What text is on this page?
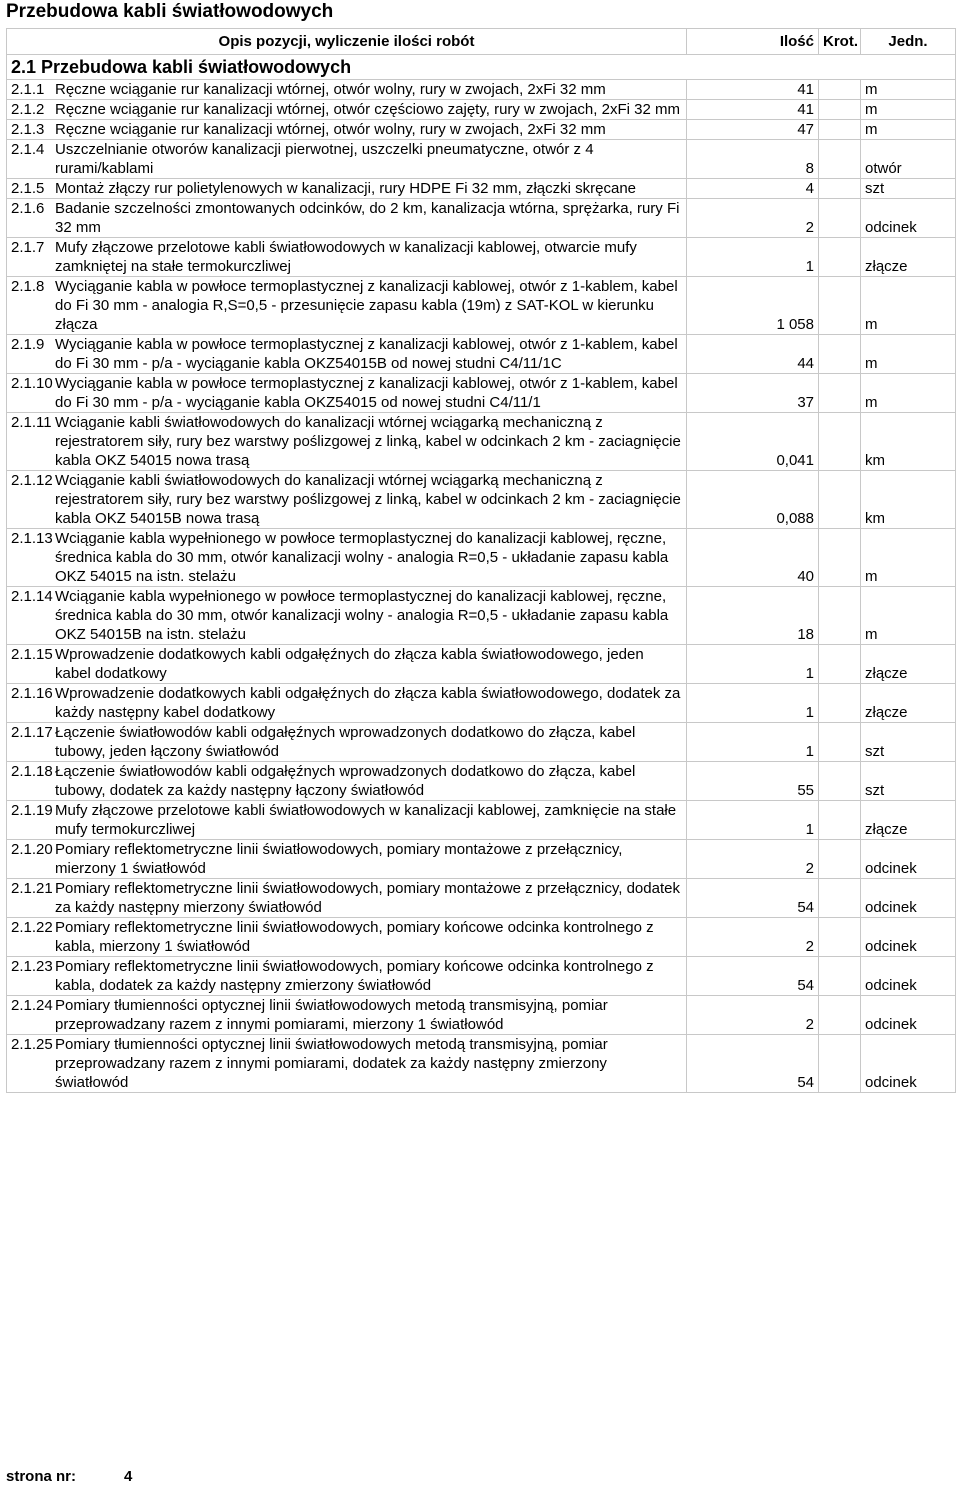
Przebudowa kabli światłowodowych
Opis pozycji, wyliczenie ilości robót	Ilość	Krot.	Jedn.
2.1 Przebudowa kabli światłowodowych			

2.1.1 Ręczne wciąganie rur kanalizacji wtórnej, otwór wolny, rury w zwojach, 2xFi 32 mm	41			m

2.1.2 Ręczne wciąganie rur kanalizacji wtórnej, otwór częściowo zajęty, rury w zwojach, 2xFi 32 mm	41			m

2.1.3 Ręczne wciąganie rur kanalizacji wtórnej, otwór wolny, rury w zwojach, 2xFi 32 mm	47			m

2.1.4 Uszczelnianie otworów kanalizacji pierwotnej, uszczelki pneumatyczne, otwór z 4 rurami/kablami	8			otwór

2.1.5 Montaż złączy rur polietylenowych w kanalizacji, rury HDPE Fi 32 mm, złączki skręcane	4			szt

2.1.6 Badanie szczelności zmontowanych odcinków, do 2 km, kanalizacja wtórna, sprężarka, rury Fi 32 mm	2			odcinek

2.1.7 Mufy złączowe przelotowe kabli światłowodowych w kanalizacji kablowej, otwarcie mufy zamkniętej na stałe termokurczliwej	1			złącze

2.1.8 Wyciąganie kabla w powłoce termoplastycznej z kanalizacji kablowej, otwór z 1-kablem, kabel do Fi 30 mm - analogia R,S=0,5 - przesunięcie zapasu kabla (19m) z SAT-KOL w kierunku złącza	1 058			m

2.1.9 Wyciąganie kabla w powłoce termoplastycznej z kanalizacji kablowej, otwór z 1-kablem, kabel do Fi 30 mm - p/a - wyciąganie kabla OKZ54015B od nowej studni C4/11/1C	44			m

2.1.10 Wyciąganie kabla w powłoce termoplastycznej z kanalizacji kablowej, otwór z 1-kablem, kabel do Fi 30 mm - p/a - wyciąganie kabla OKZ54015 od nowej studni C4/11/1	37			m

2.1.11 Wciąganie kabli światłowodowych do kanalizacji wtórnej wciągarką mechaniczną z rejestratorem siły, rury bez warstwy poślizgowej z linką, kabel w odcinkach 2 km - zaciagnięcie kabla OKZ 54015 nowa trasą	0,041			km

2.1.12 Wciąganie kabli światłowodowych do kanalizacji wtórnej wciągarką mechaniczną z rejestratorem siły, rury bez warstwy poślizgowej z linką, kabel w odcinkach 2 km - zaciagnięcie kabla OKZ 54015B nowa trasą	0,088			km

2.1.13 Wciąganie kabla wypełnionego w powłoce termoplastycznej do kanalizacji kablowej, ręczne, średnica kabla do 30 mm, otwór kanalizacji wolny - analogia R=0,5 - układanie zapasu kabla OKZ 54015 na istn. stelażu	40			m

2.1.14 Wciąganie kabla wypełnionego w powłoce termoplastycznej do kanalizacji kablowej, ręczne, średnica kabla do 30 mm, otwór kanalizacji wolny - analogia R=0,5 - układanie zapasu kabla OKZ 54015B na istn. stelażu	18			m

2.1.15 Wprowadzenie dodatkowych kabli odgałęźnych do złącza kabla światłowodowego, jeden kabel dodatkowy	1			złącze

2.1.16 Wprowadzenie dodatkowych kabli odgałęźnych do złącza kabla światłowodowego, dodatek za każdy następny kabel dodatkowy	1			złącze

2.1.17 Łączenie światłowodów kabli odgałęźnych wprowadzonych dodatkowo do złącza, kabel tubowy, jeden łączony światłowód	1			szt

2.1.18 Łączenie światłowodów kabli odgałęźnych wprowadzonych dodatkowo do złącza, kabel tubowy, dodatek za każdy następny łączony światłowód	55			szt

2.1.19 Mufy złączowe przelotowe kabli światłowodowych w kanalizacji kablowej, zamknięcie na stałe mufy termokurczliwej	1			złącze

2.1.20 Pomiary reflektometryczne linii światłowodowych, pomiary montażowe z przełącznicy, mierzony 1 światłowód	2			odcinek

2.1.21 Pomiary reflektometryczne linii światłowodowych, pomiary montażowe z przełącznicy, dodatek za każdy następny mierzony światłowód	54			odcinek

2.1.22 Pomiary reflektometryczne linii światłowodowych, pomiary końcowe odcinka kontrolnego z kabla, mierzony 1 światłowód	2			odcinek

2.1.23 Pomiary reflektometryczne linii światłowodowych, pomiary końcowe odcinka kontrolnego z kabla, dodatek za każdy następny zmierzony światłowód	54			odcinek

2.1.24 Pomiary tłumienności optycznej linii światłowodowych metodą transmisyjną, pomiar przeprowadzany razem z innymi pomiarami, mierzony 1 światłowód	2			odcinek

2.1.25 Pomiary tłumienności optycznej linii światłowodowych metodą transmisyjną, pomiar przeprowadzany razem z innymi pomiarami, dodatek za każdy następny zmierzony światłowód	54			odcinek
strona nr:	4
